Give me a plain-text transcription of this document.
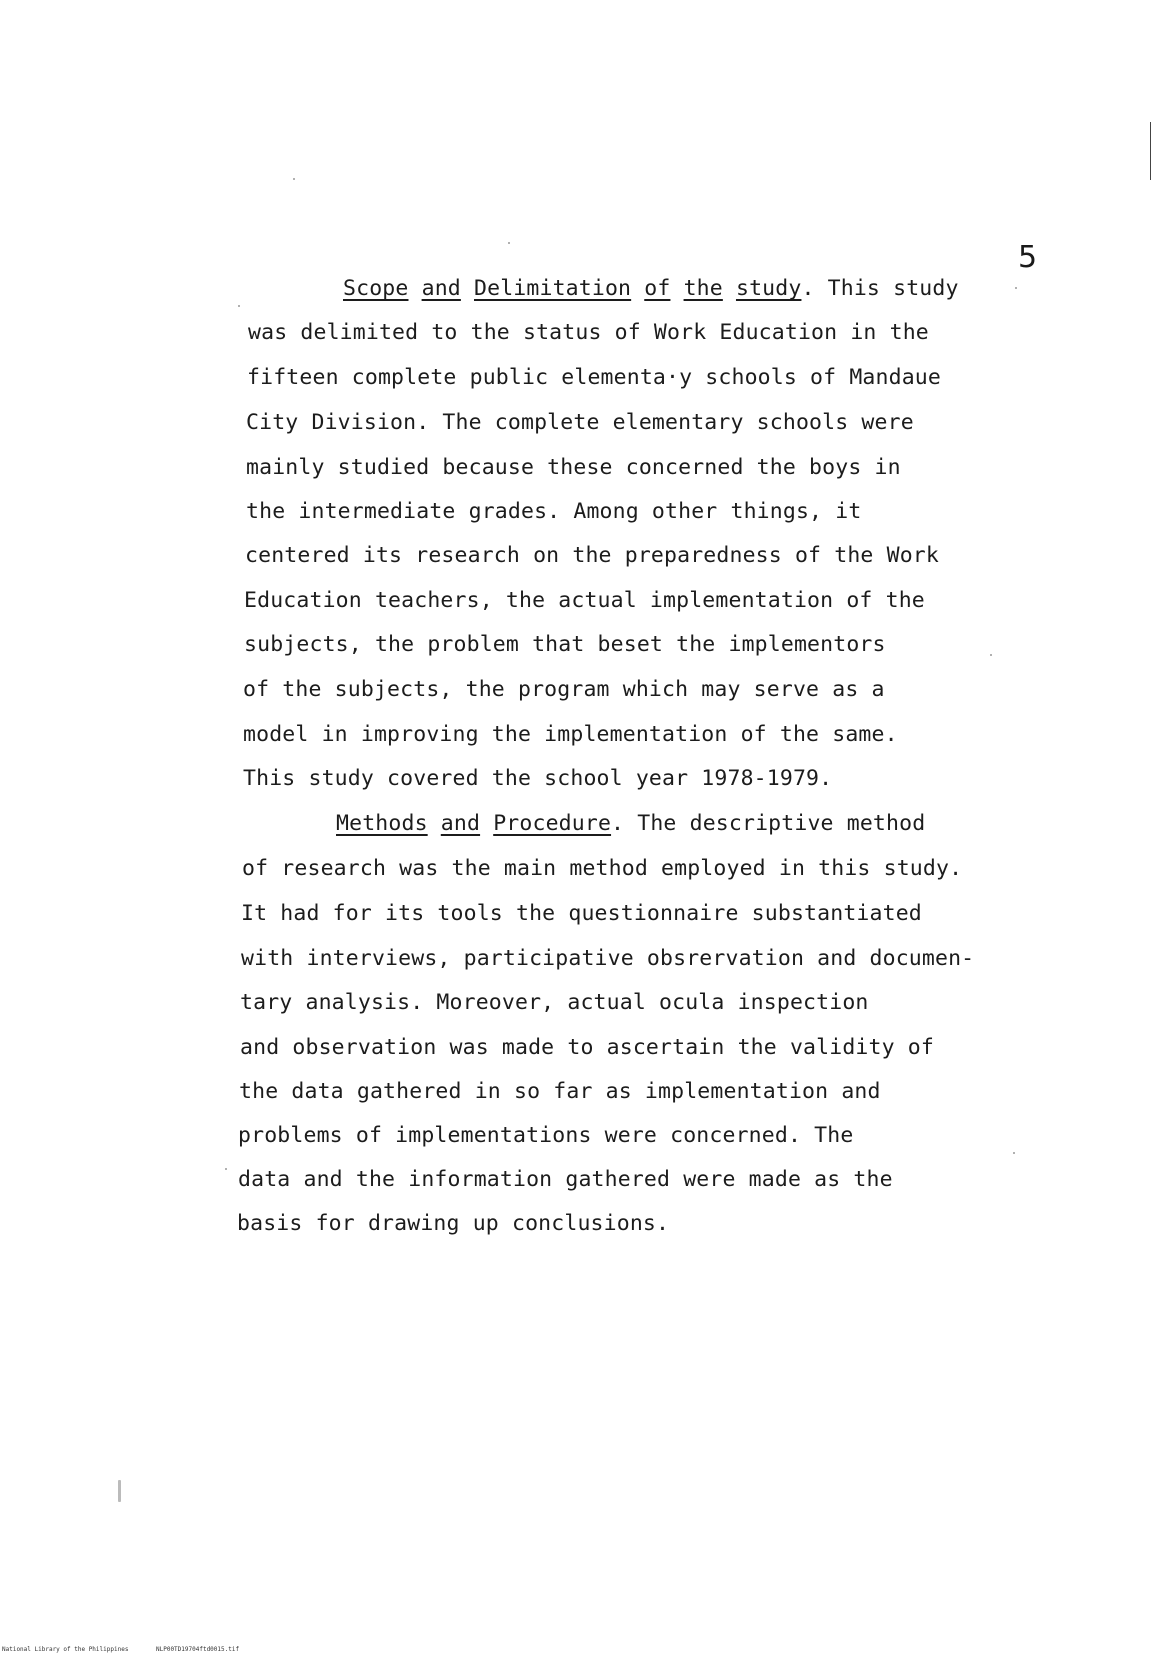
5
Scope and Delimitation of the study. This study
was delimited to the status of Work Education in the
fifteen complete public elementa·y schools of Mandaue
City Division. The complete elementary schools were
mainly studied because these concerned the boys in
the intermediate grades. Among other things, it
centered its research on the preparedness of the Work
Education teachers, the actual implementation of the
subjects, the problem that beset the implementors
of the subjects, the program which may serve as a
model in improving the implementation of the same.
This study covered the school year 1978-1979.
Methods and Procedure. The descriptive method
of research was the main method employed in this study.
It had for its tools the questionnaire substantiated
with interviews, participative obsrervation and documen-
tary analysis. Moreover, actual ocula inspection
and observation was made to ascertain the validity of
the data gathered in so far as implementation and
problems of implementations were concerned. The
data and the information gathered were made as the
basis for drawing up conclusions.
National Library of the Philippines	NLP00TD19704ftd0015.tif
